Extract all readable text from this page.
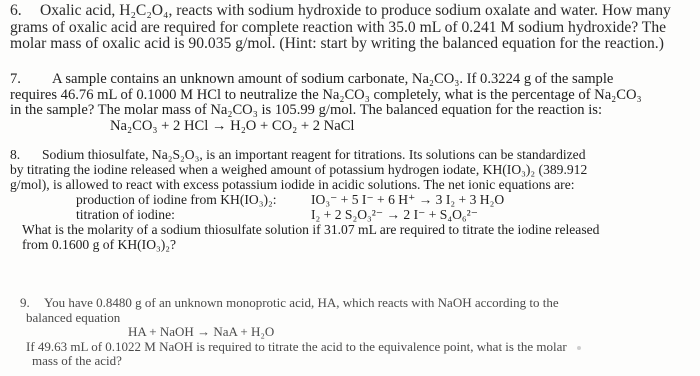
6. Oxalic acid, H₂C₂O₄, reacts with sodium hydroxide to produce sodium oxalate and water. How many
grams of oxalic acid are required for complete reaction with 35.0 mL of 0.241 M sodium hydroxide? The
molar mass of oxalic acid is 90.035 g/mol. (Hint: start by writing the balanced equation for the reaction.)
7. A sample contains an unknown amount of sodium carbonate, Na₂CO₃. If 0.3224 g of the sample
requires 46.76 mL of 0.1000 M HCl to neutralize the Na₂CO₃ completely, what is the percentage of Na₂CO₃
in the sample? The molar mass of Na₂CO₃ is 105.99 g/mol. The balanced equation for the reaction is:
Na₂CO₃ + 2 HCl → H₂O + CO₂ + 2 NaCl
8. Sodium thiosulfate, Na₂S₂O₃, is an important reagent for titrations. Its solutions can be standardized
by titrating the iodine released when a weighed amount of potassium hydrogen iodate, KH(IO₃)₂ (389.912
g/mol), is allowed to react with excess potassium iodide in acidic solutions. The net ionic equations are:
production of iodine from KH(IO₃)₂:	IO₃⁻ + 5 I⁻ + 6 H⁺ → 3 I₂ + 3 H₂O
titration of iodine:	I₂ + 2 S₂O₃²⁻ → 2 I⁻ + S₄O₆²⁻
What is the molarity of a sodium thiosulfate solution if 31.07 mL are required to titrate the iodine released
from 0.1600 g of KH(IO₃)₂?
9. You have 0.8480 g of an unknown monoprotic acid, HA, which reacts with NaOH according to the
balanced equation
HA + NaOH → NaA + H₂O
If 49.63 mL of 0.1022 M NaOH is required to titrate the acid to the equivalence point, what is the molar
mass of the acid?
